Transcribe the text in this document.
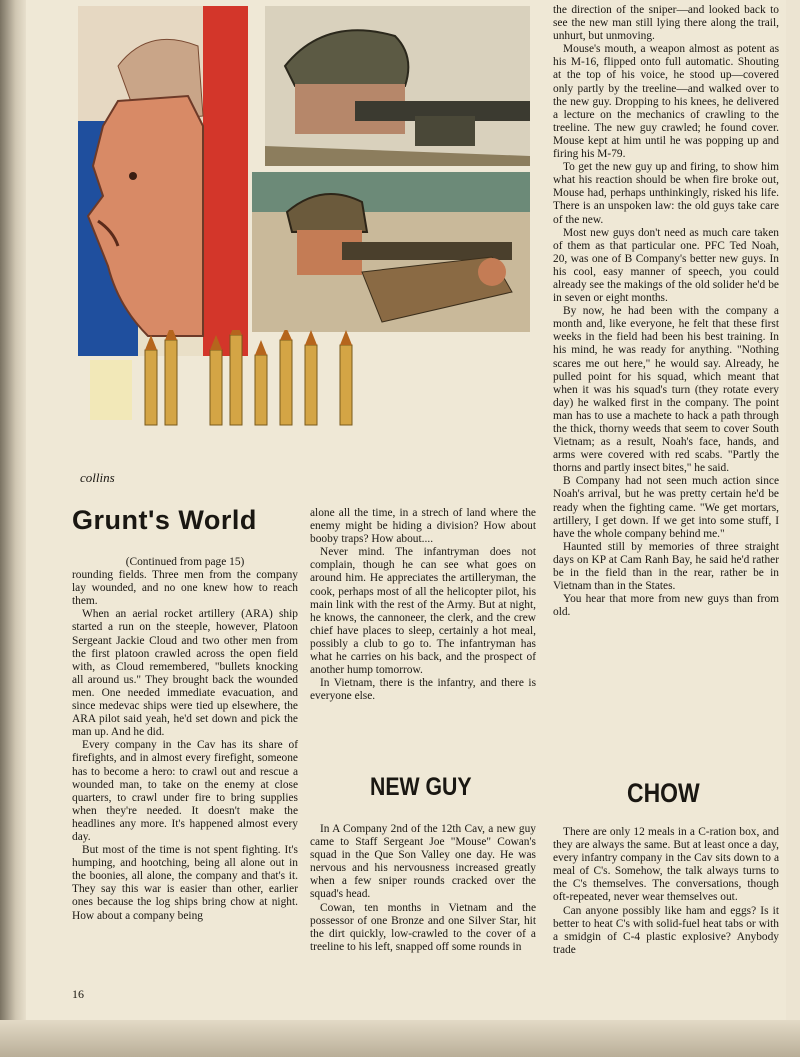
collins
Grunt's World

(Continued from page 15)

rounding fields. Three men from the company lay wounded, and no one knew how to reach them.

When an aerial rocket artillery (ARA) ship started a run on the steeple, however, Platoon Sergeant Jackie Cloud and two other men from the first platoon crawled across the open field with, as Cloud remembered, "bullets knocking all around us." They brought back the wounded men. One needed immediate evacuation, and since medevac ships were tied up elsewhere, the ARA pilot said yeah, he'd set down and pick the man up. And he did.

Every company in the Cav has its share of firefights, and in almost every firefight, someone has to become a hero: to crawl out and rescue a wounded man, to take on the enemy at close quarters, to crawl under fire to bring supplies when they're needed. It doesn't make the headlines any more. It's happened almost every day.

But most of the time is not spent fighting. It's humping, and hootching, being all alone out in the boonies, all alone, the company and that's it. They say this war is easier than other, earlier ones because the log ships bring chow at night. How about a company being

alone all the time, in a strech of land where the enemy might be hiding a division? How about booby traps? How about....

Never mind. The infantryman does not complain, though he can see what goes on around him. He appreciates the artilleryman, the cook, perhaps most of all the helicopter pilot, his main link with the rest of the Army. But at night, he knows, the cannoneer, the clerk, and the crew chief have places to sleep, certainly a hot meal, possibly a club to go to. The infantryman has what he carries on his back, and the prospect of another hump tomorrow.

In Vietnam, there is the infantry, and there is everyone else.

NEW GUY

In A Company 2nd of the 12th Cav, a new guy came to Staff Sergeant Joe "Mouse" Cowan's squad in the Que Son Valley one day. He was nervous and his nervousness increased greatly when a few sniper rounds cracked over the squad's head.

Cowan, ten months in Vietnam and the possessor of one Bronze and one Silver Star, hit the dirt quickly, low-crawled to the cover of a treeline to his left, snapped off some rounds in

the direction of the sniper—and looked back to see the new man still lying there along the trail, unhurt, but unmoving.

Mouse's mouth, a weapon almost as potent as his M-16, flipped onto full automatic. Shouting at the top of his voice, he stood up—covered only partly by the treeline—and walked over to the new guy. Dropping to his knees, he delivered a lecture on the mechanics of crawling to the treeline. The new guy crawled; he found cover. Mouse kept at him until he was popping up and firing his M-79.

To get the new guy up and firing, to show him what his reaction should be when fire broke out, Mouse had, perhaps unthinkingly, risked his life. There is an unspoken law: the old guys take care of the new.

Most new guys don't need as much care taken of them as that particular one. PFC Ted Noah, 20, was one of B Company's better new guys. In his cool, easy manner of speech, you could already see the makings of the old solider he'd be in seven or eight months.

By now, he had been with the company a month and, like everyone, he felt that these first weeks in the field had been his best training. In his mind, he was ready for anything. "Nothing scares me out here," he would say. Already, he pulled point for his squad, which meant that when it was his squad's turn (they rotate every day) he walked first in the company. The point man has to use a machete to hack a path through the thick, thorny weeds that seem to cover South Vietnam; as a result, Noah's face, hands, and arms were covered with red scabs. "Partly the thorns and partly insect bites," he said.

B Company had not seen much action since Noah's arrival, but he was pretty certain he'd be ready when the fighting came. "We get mortars, artillery, I get down. If we get into some stuff, I have the whole company behind me."

Haunted still by memories of three straight days on KP at Cam Ranh Bay, he said he'd rather be in the field than in the rear, rather be in Vietnam than in the States.

You hear that more from new guys than from old.

CHOW

There are only 12 meals in a C-ration box, and they are always the same. But at least once a day, every infantry company in the Cav sits down to a meal of C's. Somehow, the talk always turns to the C's themselves. The conversations, though oft-repeated, never wear themselves out.

Can anyone possibly like ham and eggs? Is it better to heat C's with solid-fuel heat tabs or with a smidgin of C-4 plastic explosive? Anybody trade

16
